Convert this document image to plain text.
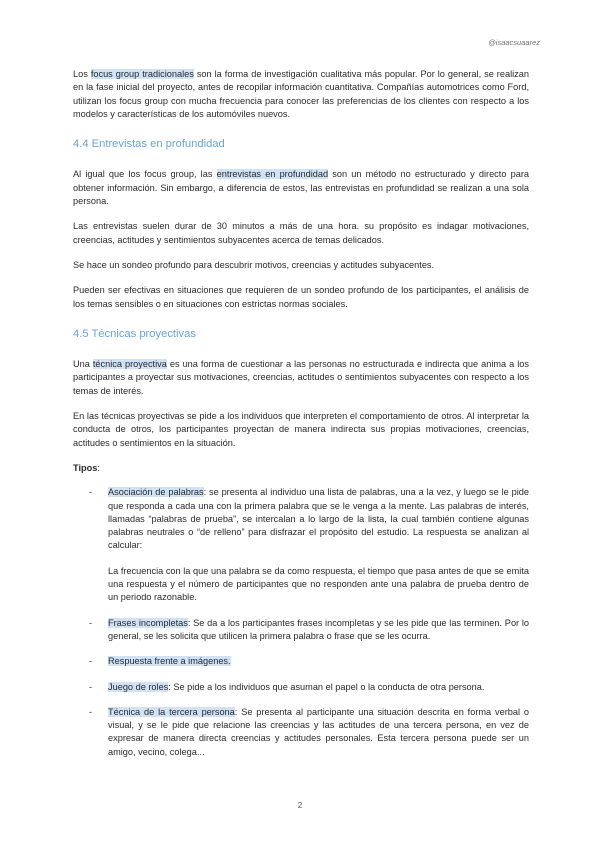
@isaacsuaarez

Los focus group tradicionales son la forma de investigación cualitativa más popular. Por lo general, se realizan en la fase inicial del proyecto, antes de recopilar información cuantitativa. Compañías automotrices como Ford, utilizan los focus group con mucha frecuencia para conocer las preferencias de los clientes con respecto a los modelos y características de los automóviles nuevos.

4.4 Entrevistas en profundidad

Al igual que los focus group, las entrevistas en profundidad son un método no estructurado y directo para obtener información. Sin embargo, a diferencia de estos, las entrevistas en profundidad se realizan a una sola persona.

Las entrevistas suelen durar de 30 minutos a más de una hora. su propósito es indagar motivaciones, creencias, actitudes y sentimientos subyacentes acerca de temas delicados.

Se hace un sondeo profundo para descubrir motivos, creencias y actitudes subyacentes.

Pueden ser efectivas en situaciones que requieren de un sondeo profundo de los participantes, el análisis de los temas sensibles o en situaciones con estrictas normas sociales.

4.5 Técnicas proyectivas

Una técnica proyectiva es una forma de cuestionar a las personas no estructurada e indirecta que anima a los participantes a proyectar sus motivaciones, creencias, actitudes o sentimientos subyacentes con respecto a los temas de interés.

En las técnicas proyectivas se pide a los individuos que interpreten el comportamiento de otros. Al interpretar la conducta de otros, los participantes proyectan de manera indirecta sus propias motivaciones, creencias, actitudes o sentimientos en la situación.

Tipos:

- Asociación de palabras: se presenta al individuo una lista de palabras, una a la vez, y luego se le pide que responda a cada una con la primera palabra que se le venga a la mente. Las palabras de interés, llamadas “palabras de prueba”, se intercalan a lo largo de la lista, la cual también contiene algunas palabras neutrales o “de relleno” para disfrazar el propósito del estudio. La respuesta se analizan al calcular:

La frecuencia con la que una palabra se da como respuesta, el tiempo que pasa antes de que se emita una respuesta y el número de participantes que no responden ante una palabra de prueba dentro de un periodo razonable.

- Frases incompletas: Se da a los participantes frases incompletas y se les pide que las terminen. Por lo general, se les solicita que utilicen la primera palabra o frase que se les ocurra.

- Respuesta frente a imágenes.

- Juego de roles: Se pide a los individuos que asuman el papel o la conducta de otra persona.

- Técnica de la tercera persona: Se presenta al participante una situación descrita en forma verbal o visual, y se le pide que relacione las creencias y las actitudes de una tercera persona, en vez de expresar de manera directa creencias y actitudes personales. Esta tercera persona puede ser un amigo, vecino, colega...

2
